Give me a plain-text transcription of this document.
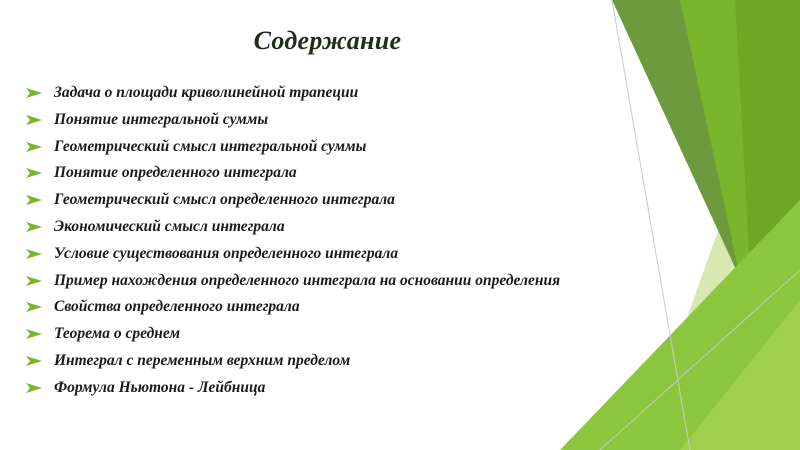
Содержание
Задача о площади криволинейной трапеции
Понятие интегральной суммы
Геометрический смысл интегральной суммы
Понятие определенного интеграла
Геометрический смысл определенного интеграла
Экономический смысл интеграла
Условие существования определенного интеграла
Пример нахождения определенного интеграла на основании определения
Свойства определенного интеграла
Теорема о среднем
Интеграл с переменным верхним пределом
Формула Ньютона - Лейбница
